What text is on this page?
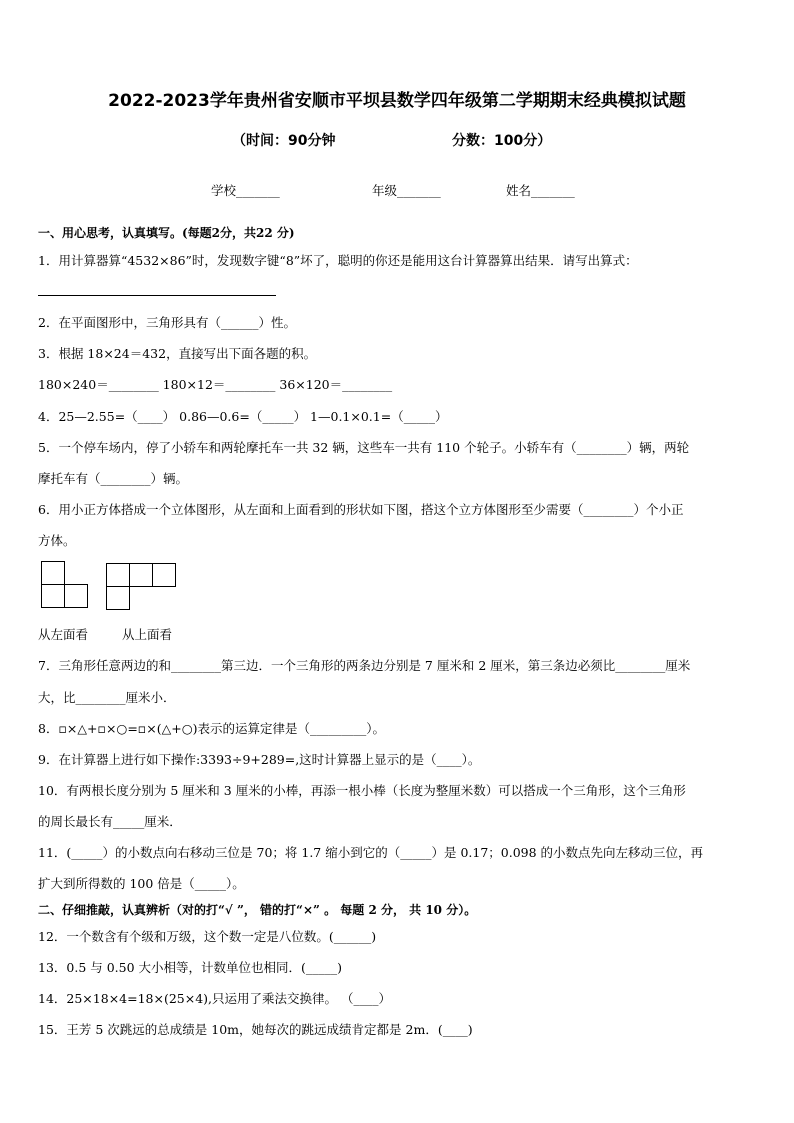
2022-2023学年贵州省安顺市平坝县数学四年级第二学期期末经典模拟试题
（时间：90分钟	分数：100分）
学校_______	年级_______	姓名_______
一、用心思考，认真填写。(每题2分，共22 分)
1．用计算器算“4532×86”时，发现数字键“8”坏了，聪明的你还是能用这台计算器算出结果．请写出算式：
2．在平面图形中，三角形具有（______）性。
3．根据 18×24＝432，直接写出下面各题的积。
180×240＝________ 180×12＝________ 36×120＝________
4．25—2.55=（____） 0.86—0.6=（_____） 1—0.1×0.1=（_____）
5．一个停车场内，停了小轿车和两轮摩托车一共 32 辆，这些车一共有 110 个轮子。小轿车有（________）辆，两轮
摩托车有（________）辆。
6．用小正方体搭成一个立体图形，从左面和上面看到的形状如下图，搭这个立方体图形至少需要（________）个小正
方体。
从左面看	从上面看
7．三角形任意两边的和________第三边．一个三角形的两条边分别是 7 厘米和 2 厘米，第三条边必须比________厘米
大，比________厘米小．
8．▫×△+▫×○=▫×(△+○)表示的运算定律是（_________）。
9．在计算器上进行如下操作:3393÷9+289=,这时计算器上显示的是（____）。
10．有两根长度分别为 5 厘米和 3 厘米的小棒，再添一根小棒（长度为整厘米数）可以搭成一个三角形，这个三角形
的周长最长有_____厘米．
11．(_____）的小数点向右移动三位是 70；将 1.7 缩小到它的（_____）是 0.17；0.098 的小数点先向左移动三位，再
扩大到所得数的 100 倍是（_____）。
二、仔细推敲，认真辨析（对的打“√ ”， 错的打“×” 。 每题 2 分， 共 10 分）。
12．一个数含有个级和万级，这个数一定是八位数。(______)
13．0.5 与 0.50 大小相等，计数单位也相同．(_____)
14．25×18×4=18×(25×4),只运用了乘法交换律。 （____）
15．王芳 5 次跳远的总成绩是 10m，她每次的跳远成绩肯定都是 2m．(____)
